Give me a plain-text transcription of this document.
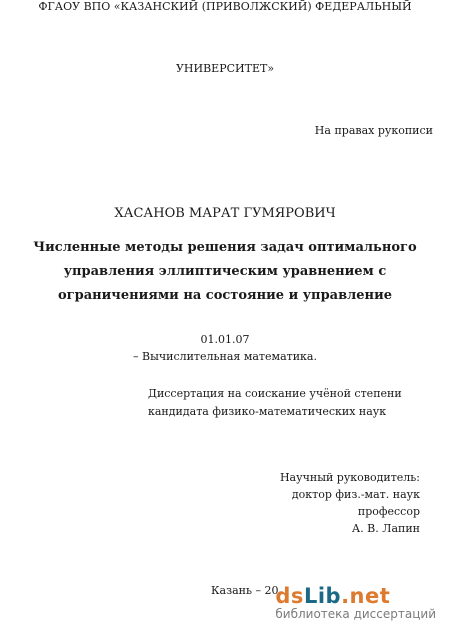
ФГАОУ ВПО «КАЗАНСКИЙ (ПРИВОЛЖСКИЙ) ФЕДЕРАЛЬНЫЙ
УНИВЕРСИТЕТ»
На правах рукописи
ХАСАНОВ МАРАТ ГУМЯРОВИЧ
Численные методы решения задач оптимального
управления эллиптическим уравнением с
ограничениями на состояние и управление
01.01.07
– Вычислительная математика.
Диссертация на соискание учёной степени
кандидата физико-математических наук
Научный руководитель:
доктор физ.-мат. наук
профессор
А. В. Лапин
Казань – 20
dsLib.net
библиотека диссертаций
